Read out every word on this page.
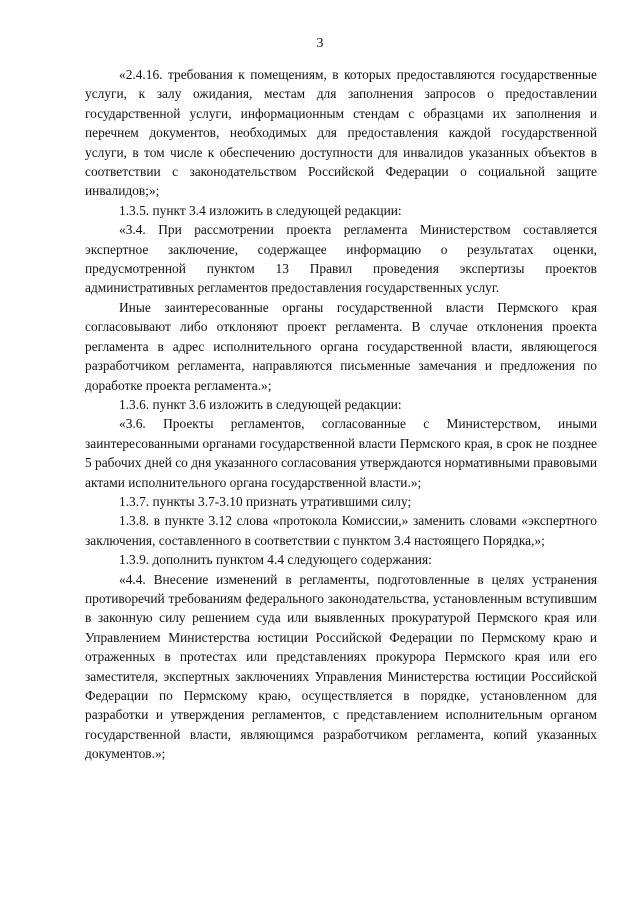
3

«2.4.16. требования к помещениям, в которых предоставляются государственные услуги, к залу ожидания, местам для заполнения запросов о предоставлении государственной услуги, информационным стендам с образцами их заполнения и перечнем документов, необходимых для предоставления каждой государственной услуги, в том числе к обеспечению доступности для инвалидов указанных объектов в соответствии с законодательством Российской Федерации о социальной защите инвалидов;»;

1.3.5. пункт 3.4 изложить в следующей редакции:

«3.4. При рассмотрении проекта регламента Министерством составляется экспертное заключение, содержащее информацию о результатах оценки, предусмотренной пунктом 13 Правил проведения экспертизы проектов административных регламентов предоставления государственных услуг.

Иные заинтересованные органы государственной власти Пермского края согласовывают либо отклоняют проект регламента. В случае отклонения проекта регламента в адрес исполнительного органа государственной власти, являющегося разработчиком регламента, направляются письменные замечания и предложения по доработке проекта регламента.»;

1.3.6. пункт 3.6 изложить в следующей редакции:

«3.6. Проекты регламентов, согласованные с Министерством, иными заинтересованными органами государственной власти Пермского края, в срок не позднее 5 рабочих дней со дня указанного согласования утверждаются нормативными правовыми актами исполнительного органа государственной власти.»;

1.3.7. пункты 3.7-3.10 признать утратившими силу;

1.3.8. в пункте 3.12 слова «протокола Комиссии,» заменить словами «экспертного заключения, составленного в соответствии с пунктом 3.4 настоящего Порядка,»;

1.3.9. дополнить пунктом 4.4 следующего содержания:

«4.4. Внесение изменений в регламенты, подготовленные в целях устранения противоречий требованиям федерального законодательства, установленным вступившим в законную силу решением суда или выявленных прокуратурой Пермского края или Управлением Министерства юстиции Российской Федерации по Пермскому краю и отраженных в протестах или представлениях прокурора Пермского края или его заместителя, экспертных заключениях Управления Министерства юстиции Российской Федерации по Пермскому краю, осуществляется в порядке, установленном для разработки и утверждения регламентов, с представлением исполнительным органом государственной власти, являющимся разработчиком регламента, копий указанных документов.»;
